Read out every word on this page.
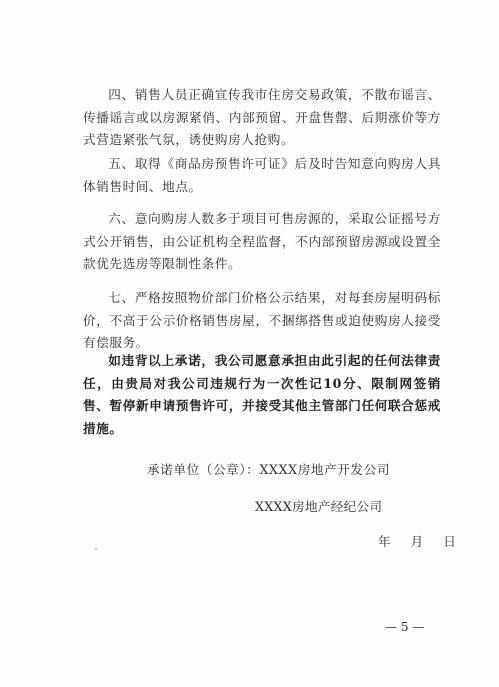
四、销售人员正确宣传我市住房交易政策，不散布谣言、传播谣言或以房源紧俏、内部预留、开盘售罄、后期涨价等方式营造紧张气氛，诱使购房人抢购。

五、取得《商品房预售许可证》后及时告知意向购房人具体销售时间、地点。

六、意向购房人数多于项目可售房源的，采取公证摇号方式公开销售，由公证机构全程监督，不内部预留房源或设置全款优先选房等限制性条件。

七、严格按照物价部门价格公示结果，对每套房屋明码标价，不高于公示价格销售房屋，不捆绑搭售或迫使购房人接受有偿服务。

如违背以上承诺，我公司愿意承担由此引起的任何法律责任，由贵局对我公司违规行为一次性记10分、限制网签销售、暂停新申请预售许可，并接受其他主管部门任何联合惩戒措施。

承诺单位（公章）：XXXX房地产开发公司
XXXX房地产经纪公司
年 月 日
— 5 —
